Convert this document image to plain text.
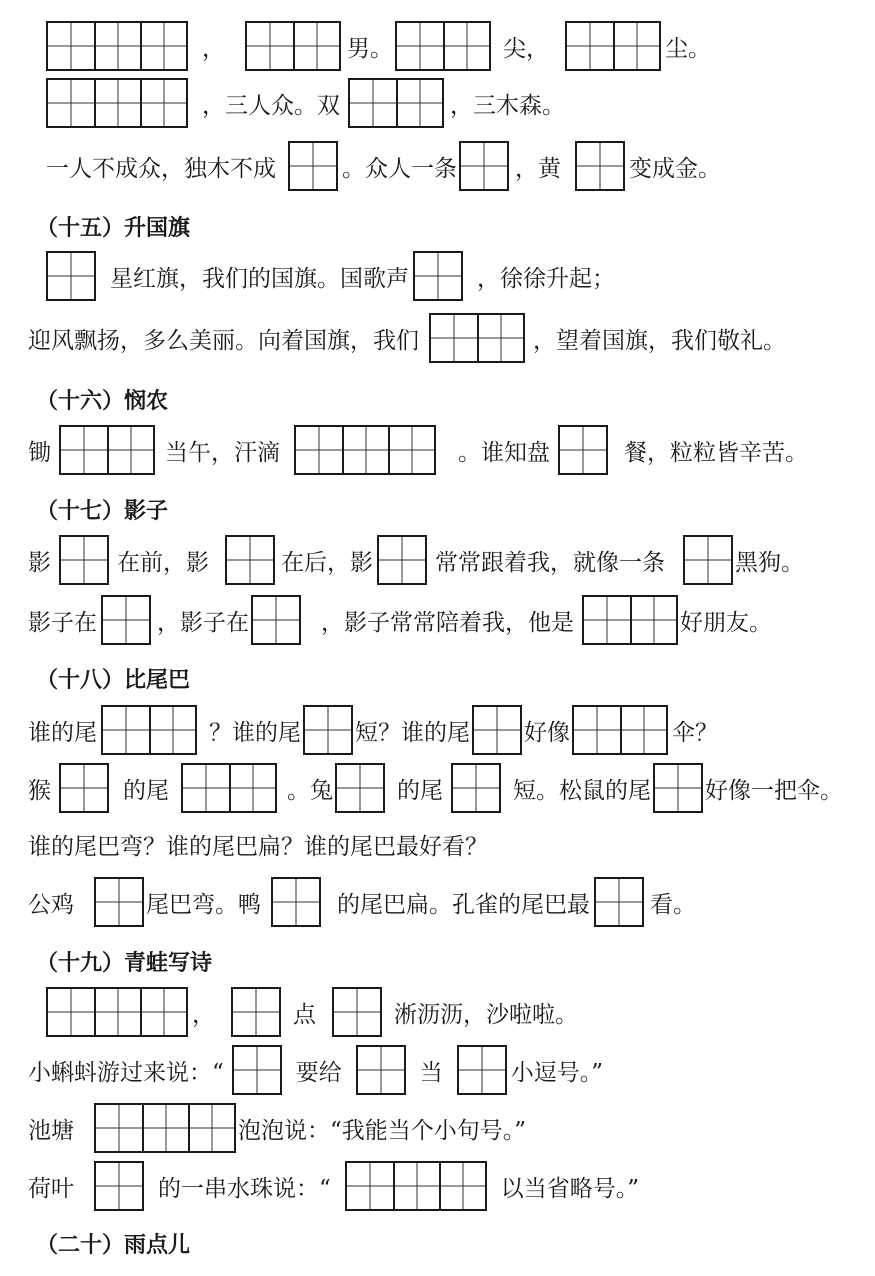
，	男。	尖，	尘。
，三人众。双	，三木森。
一人不成众，独木不成	。众人一条	，黄	变成金。
（十五）升国旗
星红旗，我们的国旗。国歌声	，徐徐升起；
迎风飘扬，多么美丽。向着国旗，我们	，望着国旗，我们敬礼。
（十六）悯农
锄	当午，汗滴	。谁知盘	餐，粒粒皆辛苦。
（十七）影子
影	在前，影	在后，影	常常跟着我，就像一条	黑狗。
影子在	，影子在	，影子常常陪着我，他是	好朋友。
（十八）比尾巴
谁的尾	？谁的尾 短？谁的尾 好像	伞？
猴	的尾	。兔	的尾	短。松鼠的尾 好像一把伞。
谁的尾巴弯？谁的尾巴扁？谁的尾巴最好看？
公鸡	尾巴弯。鸭	的尾巴扁。孔雀的尾巴最	看。
（十九）青蛙写诗
，	点	淅沥沥，沙啦啦。
小蝌蚪游过来说：“	要给	当	小逗号。”
池塘	泡泡说：“我能当个小句号。”
荷叶	的一串水珠说：“	以当省略号。”
（二十）雨点儿
